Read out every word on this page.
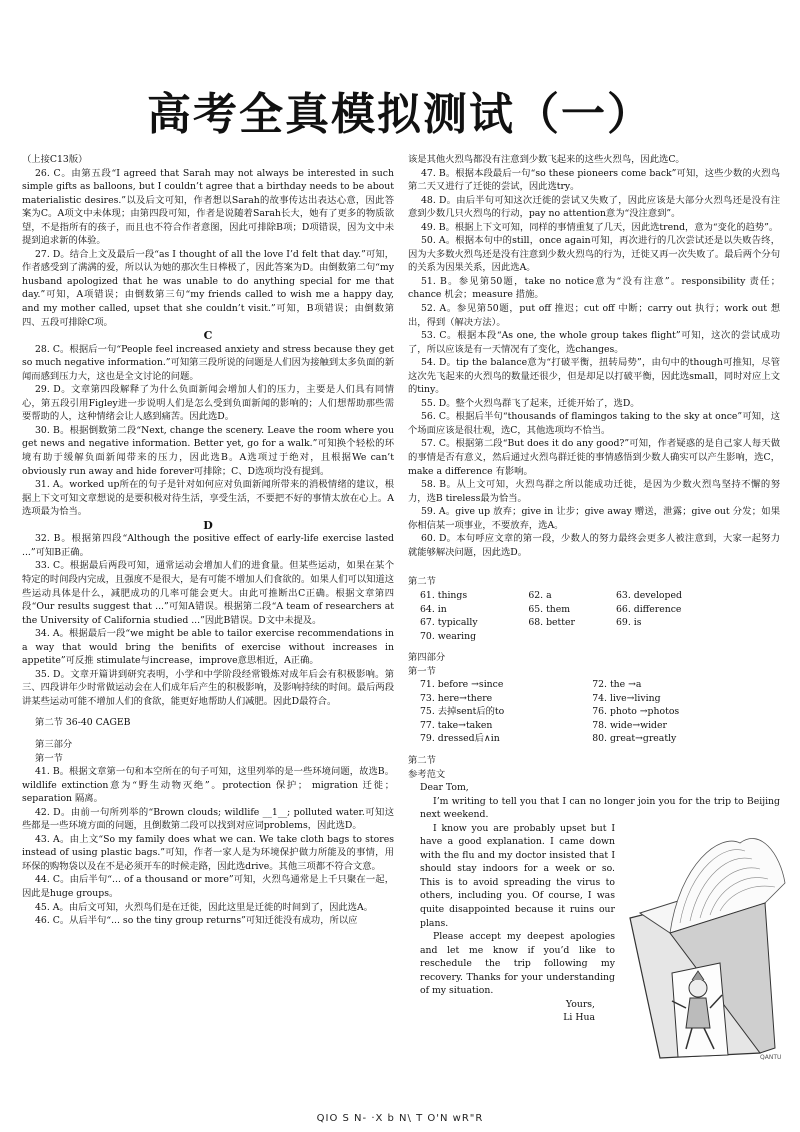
高考全真模拟测试（一）

（上接C13版）

26. C。由第五段“I agreed that Sarah may not always be interested in such simple gifts as balloons, but I couldn’t agree that a birthday needs to be about materialistic desires.”以及后文可知，作者想以Sarah的故事传达出表达心意，因此答案为C。A项文中未体现；由第四段可知，作者是说随着Sarah长大，她有了更多的物质欲望，不是指所有的孩子，而且也不符合作者意图，因此可排除B项；D项错误，因为文中未提到追求新的体验。

27. D。结合上文及最后一段“as I thought of all the love I’d felt that day.”可知，作者感受到了满满的爱，所以认为她的那次生日棒极了，因此答案为D。由倒数第二句“my husband apologized that he was unable to do anything special for me that day.”可知，A项错误；由倒数第三句“my friends called to wish me a happy day, and my mother called, upset that she couldn’t visit.”可知，B项错误；由倒数第四、五段可排除C项。

C

28. C。根据后一句“People feel increased anxiety and stress because they get so much negative information.”可知第三段所说的问题是人们因为接触到太多负面的新闻而感到压力大，这也是全文讨论的问题。

29. D。文章第四段解释了为什么负面新闻会增加人们的压力，主要是人们具有同情心，第五段引用Figley进一步说明人们是怎么受到负面新闻的影响的；人们想帮助那些需要帮助的人，这种情绪会让人感到痛苦。因此选D。

30. B。根据倒数第二段“Next, change the scenery. Leave the room where you get news and negative information. Better yet, go for a walk.”可知换个轻松的环境有助于缓解负面新闻带来的压力，因此选B。A选项过于绝对，且根据We can’t obviously run away and hide forever可排除；C、D选项均没有提到。

31. A。worked up所在的句子是针对如何应对负面新闻所带来的消极情绪的建议，根据上下文可知文章想说的是要积极对待生活，享受生活，不要把不好的事情太放在心上。A选项最为恰当。

D

32. B。根据第四段“Although the positive effect of early-life exercise lasted ...”可知B正确。

33. C。根据最后两段可知，通常运动会增加人们的进食量。但某些运动，如果在某个特定的时间段内完成，且强度不是很大，是有可能不增加人们食欲的。如果人们可以知道这些运动具体是什么，减肥成功的几率可能会更大。由此可推断出C正确。根据文章第四段“Our results suggest that ...”可知A错误。根据第二段“A team of researchers at the University of California studied ...”因此B错误。D文中未提及。

34. A。根据最后一段“we might be able to tailor exercise recommendations in a way that would bring the benifits of exercise without increases in appetite”可反推 stimulate与increase，improve意思相近，A正确。

35. D。文章开篇讲到研究表明，小学和中学阶段经常锻炼对成年后会有积极影响。第三、四段讲年少时常做运动会在人们成年后产生的积极影响，及影响持续的时间。最后两段讲某些运动可能不增加人们的食欲，能更好地帮助人们减肥。因此D最符合。

第二节 36-40 CAGEB

第三部分

第一节

41. B。根据文章第一句和本空所在的句子可知，这里列举的是一些环境问题，故选B。wildlife extinction意为“野生动物灭绝”。protection 保护； migration 迁徙；separation 隔离。

42. D。由前一句所列举的“Brown clouds; wildlife __1__; polluted water.可知这些都是一些环境方面的问题，且倒数第二段可以找到对应词problems，因此选D。

43. A。由上文“So my family does what we can. We take cloth bags to stores instead of using plastic bags.”可知，作者一家人是为环境保护做力所能及的事情，用环保的购物袋以及在不是必须开车的时候走路，因此选drive。其他三项都不符合文意。

44. C。由后半句“... of a thousand or more”可知，火烈鸟通常是上千只聚在一起，因此是huge groups。

45. A。由后文可知，火烈鸟们是在迁徙，因此这里是迁徙的时间到了，因此选A。

46. C。从后半句“... so the tiny group returns”可知迁徙没有成功，所以应

该是其他火烈鸟都没有注意到少数飞起来的这些火烈鸟，因此选C。

47. B。根据本段最后一句“so these pioneers come back”可知，这些少数的火烈鸟第二天又进行了迁徙的尝试，因此选try。

48. D。由后半句可知这次迁徙的尝试又失败了，因此应该是大部分火烈鸟还是没有注意到少数几只火烈鸟的行动，pay no attention意为“没注意到”。

49. B。根据上下文可知，同样的事情重复了几天，因此选trend，意为“变化的趋势”。

50. A。根据本句中的still，once again可知，再次进行的几次尝试还是以失败告终，因为大多数火烈鸟还是没有注意到少数火烈鸟的行为，迁徙又再一次失败了。最后两个分句的关系为因果关系，因此选A。

51. B。参见第50题，take no notice意为“没有注意”。responsibility 责任；chance 机会；measure 措施。

52. A。参见第50题，put off 推迟；cut off 中断；carry out 执行；work out 想出，得到（解决方法）。

53. C。根据本段“As one, the whole group takes flight”可知，这次的尝试成功了，所以应该是有一天情况有了变化，选changes。

54. D。tip the balance意为“打破平衡，扭转局势”，由句中的though可推知，尽管这次先飞起来的火烈鸟的数量还很少，但是却足以打破平衡，因此选small，同时对应上文的tiny。

55. D。整个火烈鸟群飞了起来，迁徙开始了，选D。

56. C。根据后半句“thousands of flamingos taking to the sky at once”可知，这个场面应该是很壮观，选C，其他选项均不恰当。

57. C。根据第二段“But does it do any good?”可知，作者疑惑的是自己家人每天做的事情是否有意义，然后通过火烈鸟群迁徙的事情感悟到少数人确实可以产生影响，选C，make a difference 有影响。

58. B。从上文可知，火烈鸟群之所以能成功迁徙，是因为少数火烈鸟坚持不懈的努力，选B tireless最为恰当。

59. A。give up 放弃；give in 让步；give away 赠送，泄露；give out 分发；如果你相信某一项事业，不要放弃，选A。

60. D。本句呼应文章的第一段，少数人的努力最终会更多人被注意到，大家一起努力就能够解决问题，因此选D。

第二节

61. things	62. a	63. developed
64. in	65. them	66. difference
67. typically	68. better	69. is
70. wearing		

第四部分

第一节

71. before →since	72. the →a
73. here→there	74. live→living
75. 去掉sent后的to	76. photo →photos
77. take→taken	78. wide→wider
79. dressed后∧in	80. great→greatly

第二节

参考范文

Dear Tom,

I’m writing to tell you that I can no longer join you for the trip to Beijing next weekend.

QANTU

I know you are probably upset but I have a good explanation. I came down with the flu and my doctor insisted that I should stay indoors for a week or so. This is to avoid spreading the virus to others, including you. Of course, I was quite disappointed because it ruins our plans.

Please accept my deepest apologies and let me know if you’d like to reschedule the trip following my recovery. Thanks for your understanding of my situation.

Yours,

Li Hua

QIO S N- ·X b N\ T O'N wR"R
